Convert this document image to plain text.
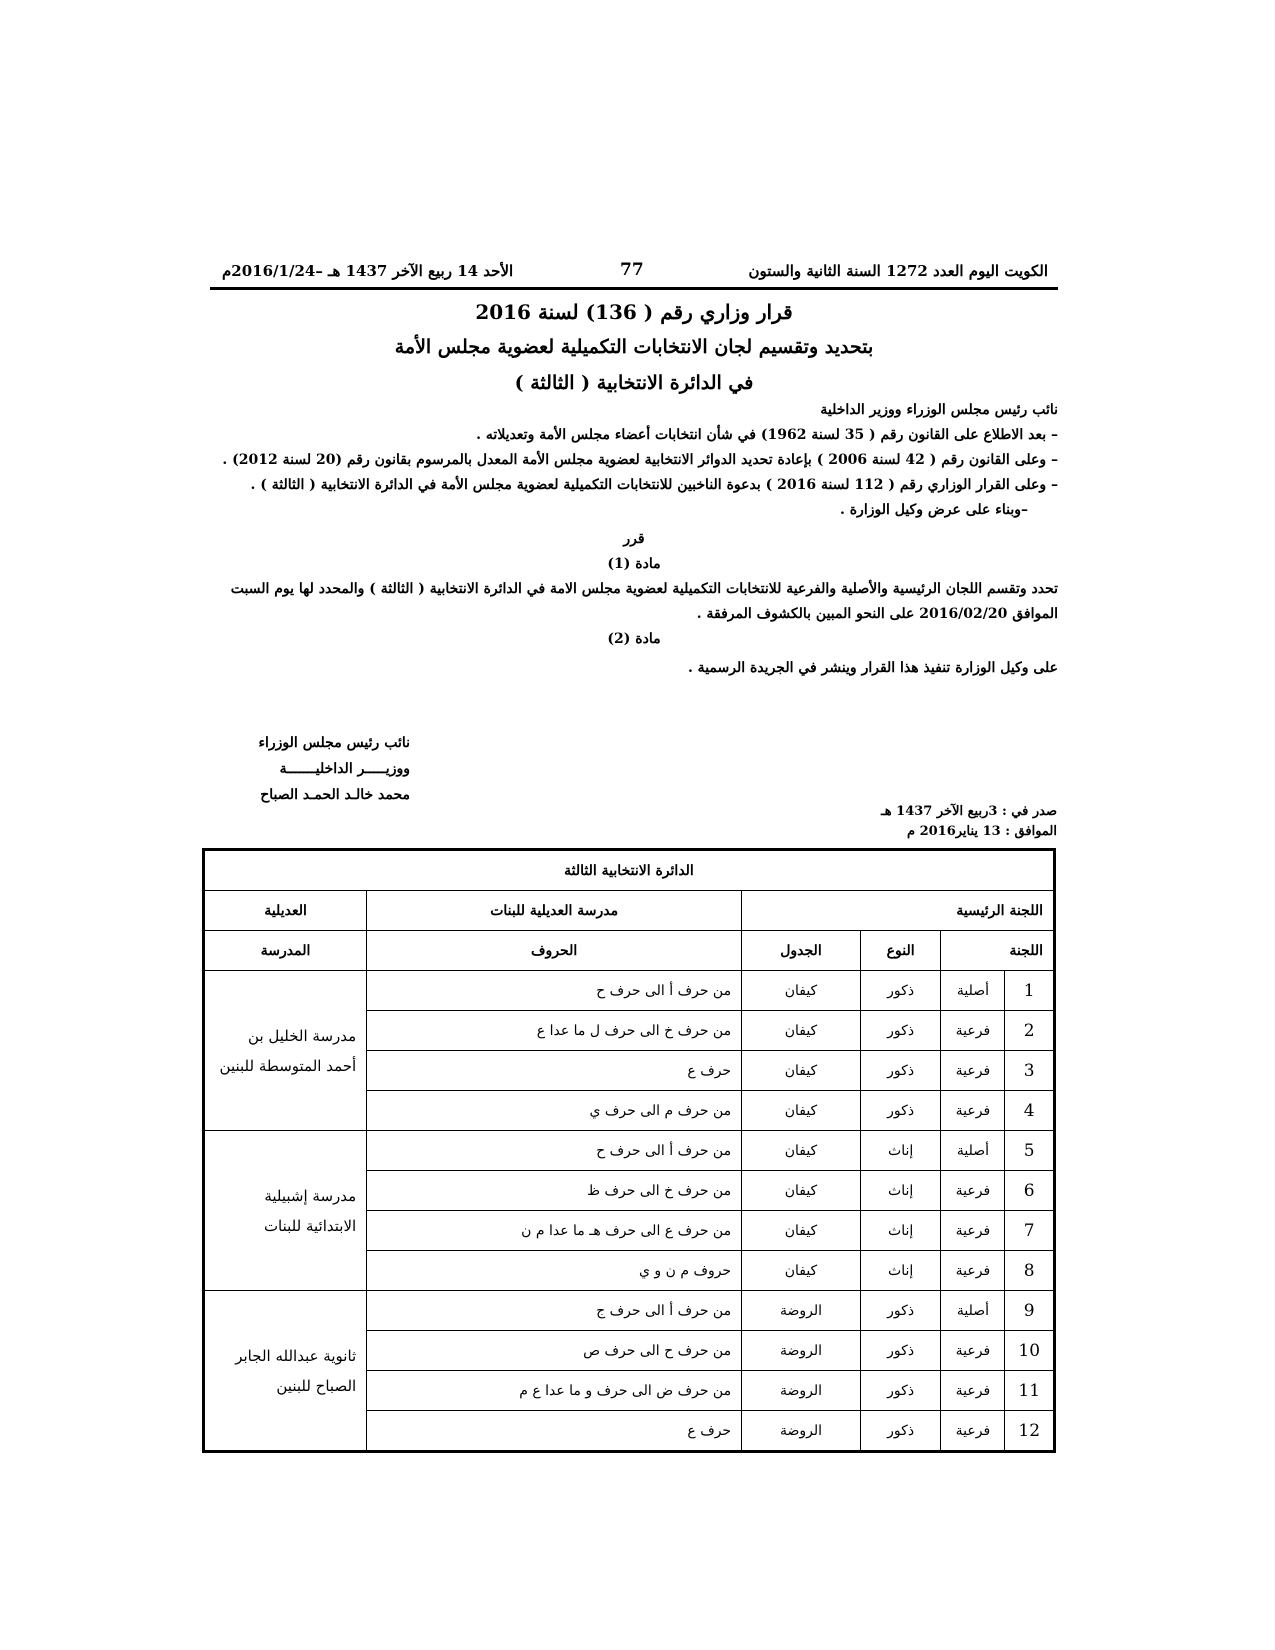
الكويت اليوم العدد 1272 السنة الثانية والستون
77
الأحد 14 ربيع الآخر 1437 هـ –2016/1/24م
قرار وزاري رقم ( 136) لسنة 2016
بتحديد وتقسيم لجان الانتخابات التكميلية لعضوية مجلس الأمة
في الدائرة الانتخابية ( الثالثة )

نائب رئيس مجلس الوزراء ووزير الداخلية

– بعد الاطلاع على القانون رقم ( 35 لسنة 1962) في شأن انتخابات أعضاء مجلس الأمة وتعديلاته .

– وعلى القانون رقم ( 42 لسنة 2006 ) بإعادة تحديد الدوائر الانتخابية لعضوية مجلس الأمة المعدل بالمرسوم بقانون رقم (20 لسنة 2012) .

– وعلى القرار الوزاري رقم ( 112 لسنة 2016 ) بدعوة الناخبين للانتخابات التكميلية لعضوية مجلس الأمة في الدائرة الانتخابية ( الثالثة ) .

–وبناء على عرض وكيل الوزارة .

قرر

مادة (1)

تحدد وتقسم اللجان الرئيسية والأصلية والفرعية للانتخابات التكميلية لعضوية مجلس الامة في الدائرة الانتخابية ( الثالثة ) والمحدد لها يوم السبت الموافق 2016/02/20 على النحو المبين بالكشوف المرفقة .

مادة (2)

على وكيل الوزارة تنفيذ هذا القرار وينشر في الجريدة الرسمية .

نائب رئيس مجلس الوزراء
ووزيـــــر الداخليـــــــة
محمد خالـد الحمـد الصباح
صدر في : 3ربيع الآخر 1437 هـ
الموافق : 13 يناير2016 م
الدائرة الانتخابية الثالثة					
اللجنة الرئيسية				مدرسة العديلية للبنات	العديلية
اللجنة		النوع	الجدول	الحروف	المدرسة
1	أصلية	ذكور	كيفان	من حرف أ الى حرف ح	مدرسة الخليل بن أحمد المتوسطة للبنين
2	فرعية	ذكور	كيفان	من حرف خ الى حرف ل ما عدا ع	
3	فرعية	ذكور	كيفان	حرف ع	
4	فرعية	ذكور	كيفان	من حرف م الى حرف ي	
5	أصلية	إناث	كيفان	من حرف أ الى حرف ح	مدرسة إشبيلية الابتدائية للبنات
6	فرعية	إناث	كيفان	من حرف خ الى حرف ظ	
7	فرعية	إناث	كيفان	من حرف ع الى حرف هـ ما عدا م ن	
8	فرعية	إناث	كيفان	حروف م ن و ي	
9	أصلية	ذكور	الروضة	من حرف أ الى حرف ج	ثانوية عبدالله الجابر الصباح للبنين
10	فرعية	ذكور	الروضة	من حرف ح الى حرف ص	
11	فرعية	ذكور	الروضة	من حرف ض الى حرف و ما عدا ع م	
12	فرعية	ذكور	الروضة	حرف ع	
